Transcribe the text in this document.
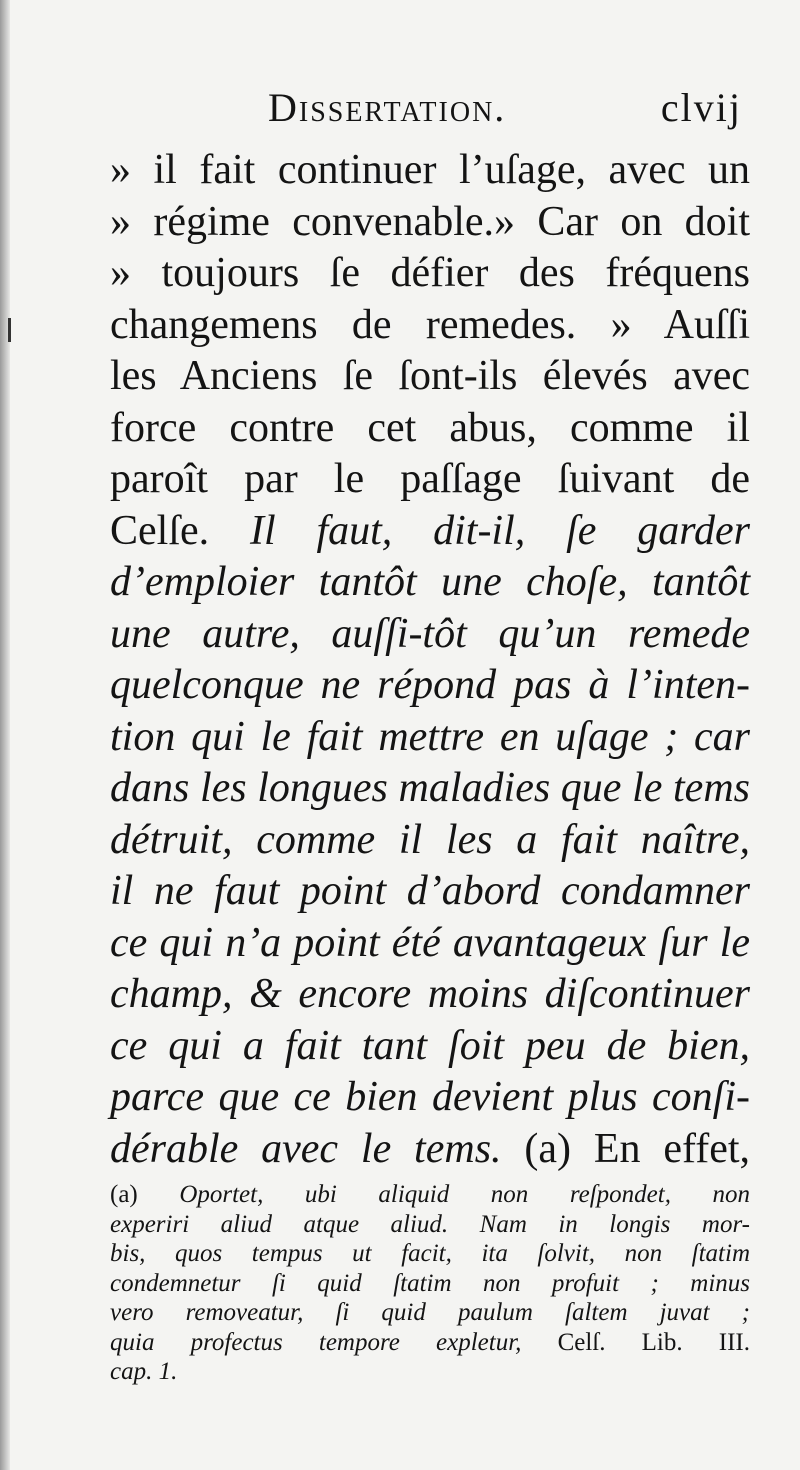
Dissertation.	clvij
» il fait continuer l’uſage, avec un
» régime convenable.» Car on doit
» toujours ſe défier des fréquens
changemens de remedes. » Auſſi
les Anciens ſe ſont-ils élevés avec
force contre cet abus, comme il
paroît par le paſſage ſuivant de
Celſe. Il faut, dit-il, ſe garder
d’emploier tantôt une choſe, tantôt
une autre, auſſi-tôt qu’un remede
quelconque ne répond pas à l’inten-
tion qui le fait mettre en uſage ; car
dans les longues maladies que le tems
détruit, comme il les a fait naître,
il ne faut point d’abord condamner
ce qui n’a point été avantageux ſur le
champ, & encore moins diſcontinuer
ce qui a fait tant ſoit peu de bien,
parce que ce bien devient plus conſi-
dérable avec le tems. (a) En effet,
(a) Oportet, ubi aliquid non reſpondet, non
experiri aliud atque aliud. Nam in longis mor-
bis, quos tempus ut facit, ita ſolvit, non ſtatim
condemnetur ſi quid ſtatim non profuit ; minus
vero removeatur, ſi quid paulum ſaltem juvat ;
quia profectus tempore expletur, Celſ. Lib. III.
cap. 1.
